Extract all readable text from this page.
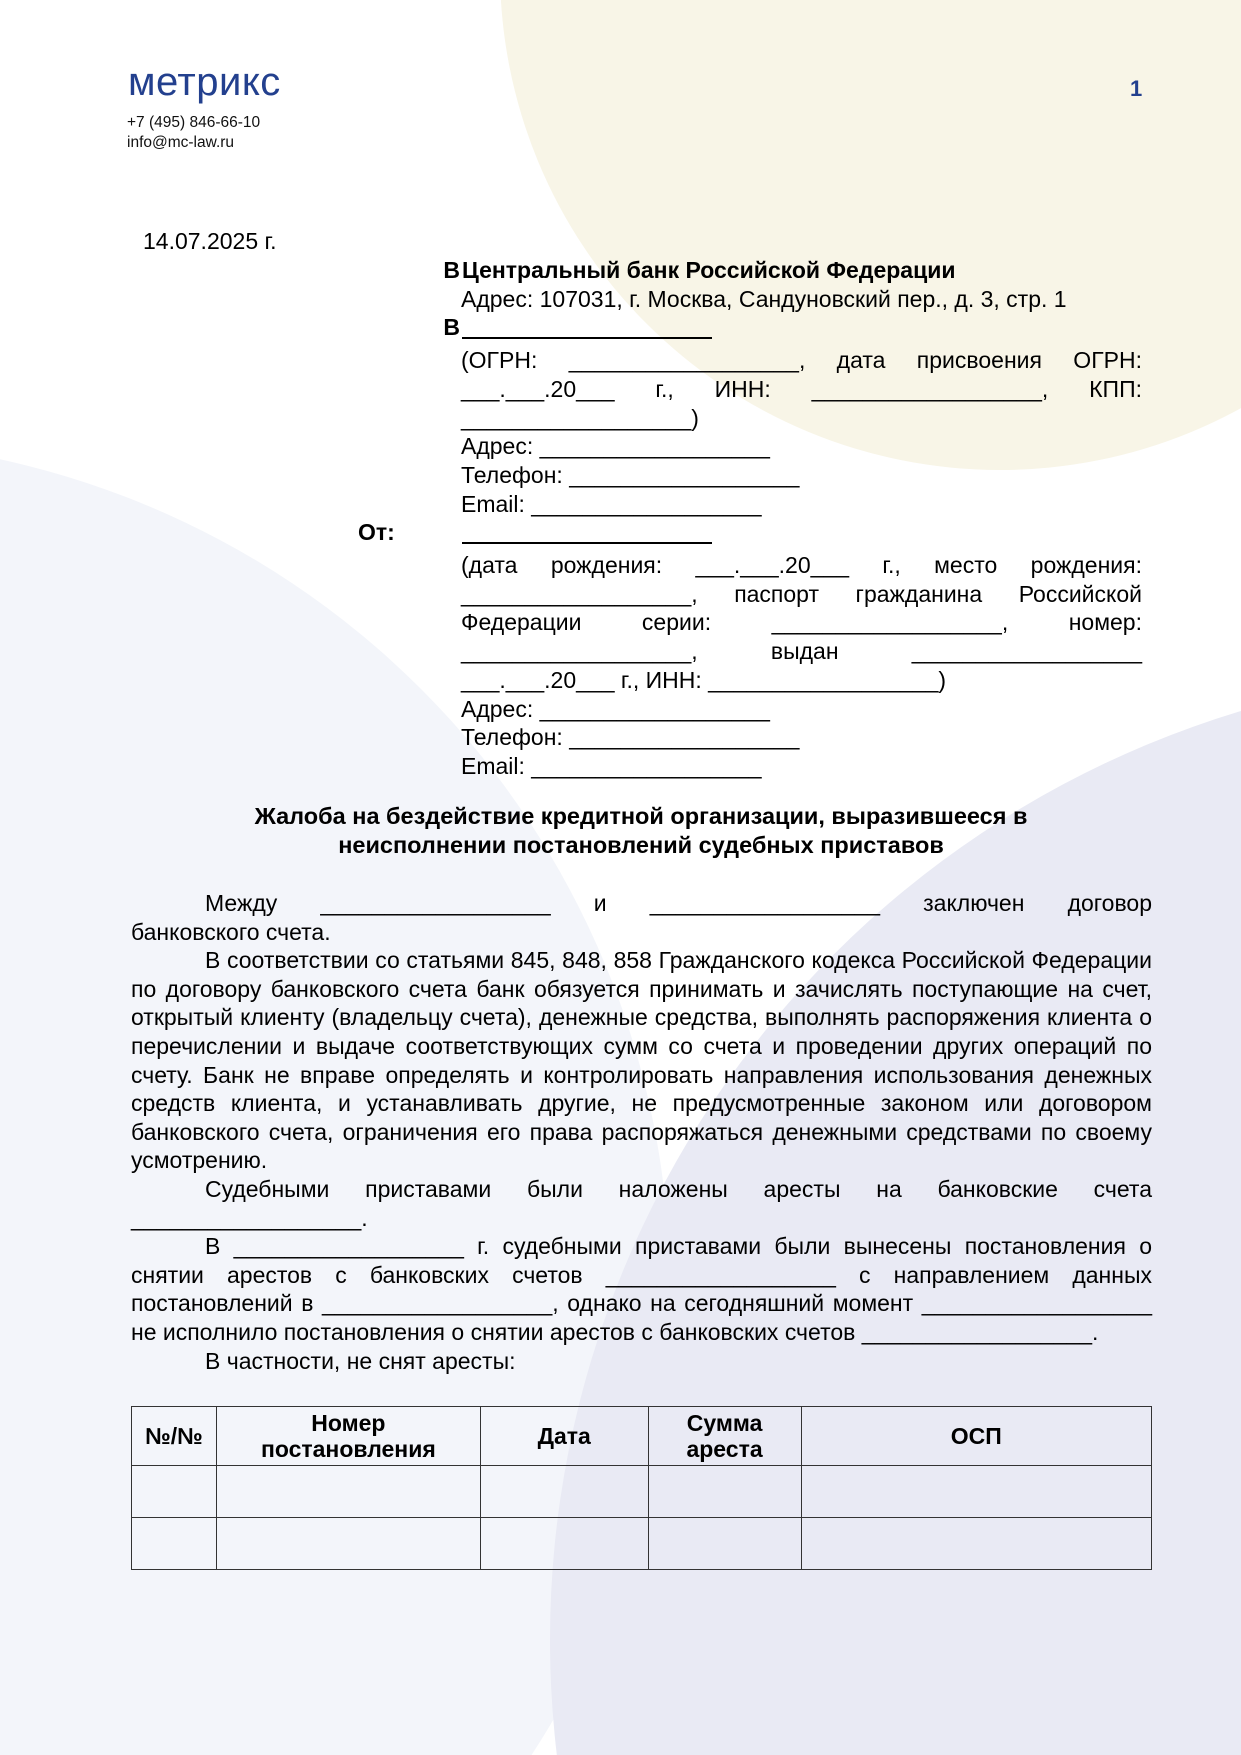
метрикс
+7 (495) 846-66-10
info@mc-law.ru
1
14.07.2025 г.
В Центральный банк Российской Федерации
Адрес: 107031, г. Москва, Сандуновский пер., д. 3, стр. 1
В
(ОГРН: __________________, дата присвоения ОГРН:
___.___.20___ г., ИНН: __________________, КПП:
__________________)
Адрес: __________________
Телефон: __________________
Email: __________________
От:
(дата рождения: ___.___.20___ г., место рождения:
__________________, паспорт гражданина Российской
Федерации серии: __________________, номер:
__________________, выдан __________________
___.___.20___ г., ИНН: __________________)
Адрес: __________________
Телефон: __________________
Email: __________________
Жалоба на бездействие кредитной организации, выразившееся в
неисполнении постановлений судебных приставов
Между __________________ и __________________ заключен договор

банковского счета.

В соответствии со статьями 845, 848, 858 Гражданского кодекса Российской Федерации по договору банковского счета банк обязуется принимать и зачислять поступающие на счет, открытый клиенту (владельцу счета), денежные средства, выполнять распоряжения клиента о перечислении и выдаче соответствующих сумм со счета и проведении других операций по счету. Банк не вправе определять и контролировать направления использования денежных средств клиента, и устанавливать другие, не предусмотренные законом или договором банковского счета, ограничения его права распоряжаться денежными средствами по своему усмотрению.

Судебными приставами были наложены аресты на банковские счета __________________.

В __________________ г. судебными приставами были вынесены постановления о снятии арестов с банковских счетов __________________ с направлением данных постановлений в __________________, однако на сегодняшний момент __________________ не исполнило постановления о снятии арестов с банковских счетов __________________.

В частности, не снят аресты:

№/№	Номер постановления	Дата	Сумма ареста	ОСП
